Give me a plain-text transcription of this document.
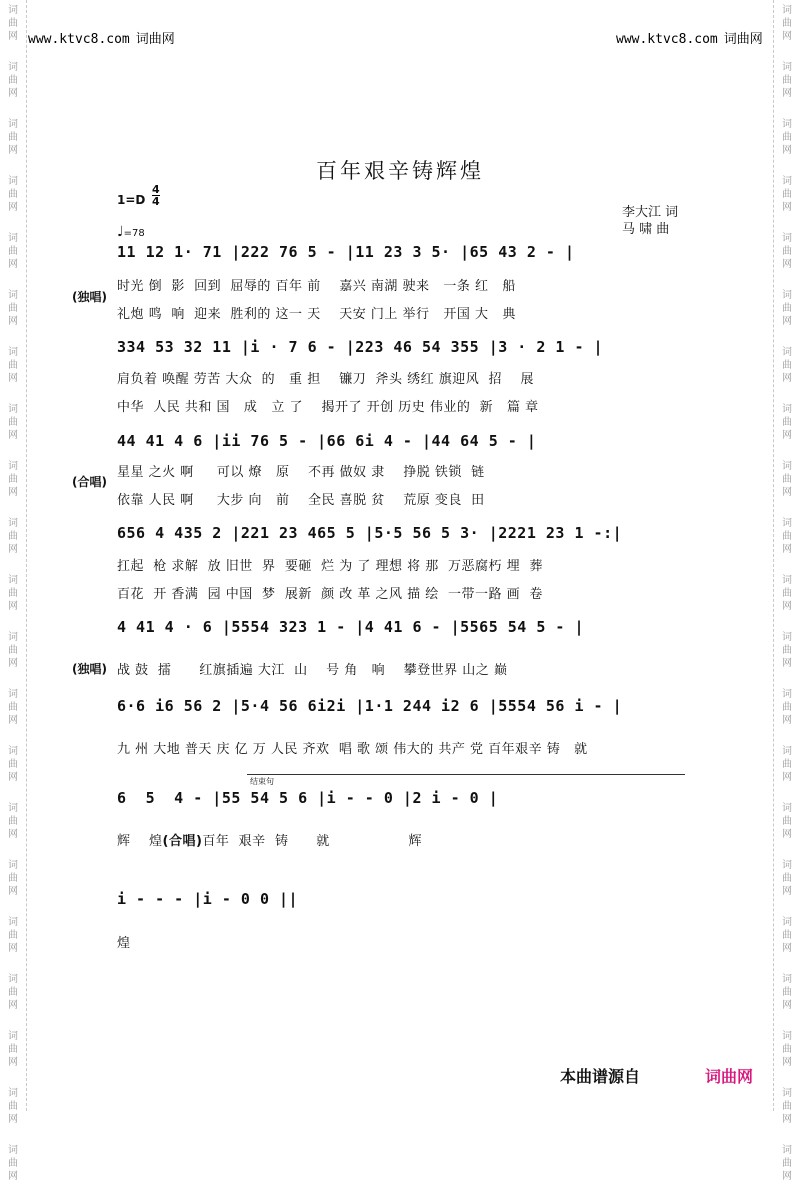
词
曲
网
词
曲
网
词
曲
网
词
曲
网
词
曲
网
词
曲
网
词
曲
网
词
曲
网
词
曲
网
词
曲
网
词
曲
网
词
曲
网
词
曲
网
词
曲
网
词
曲
网
词
曲
网
词
曲
网
词
曲
网
词
曲
网
词
曲
网
词
曲
网
词
曲
网
词
曲
网
词
曲
网
词
曲
网
词
曲
网
词
曲
网
词
曲
网
词
曲
网
词
曲
网
词
曲
网
词
曲
网
词
曲
网
词
曲
网
词
曲
网
词
曲
网
词
曲
网
词
曲
网
词
曲
网
词
曲
网
词
曲
网
词
曲
网
www.ktvc8.com 词曲网	www.ktvc8.com 词曲网
百年艰辛铸辉煌
1=D
4
4
♩=78
李大江 词
马 啸 曲
(独唱)
(合唱)
(独唱)
11 12 1· 71 |222 76 5 - |11 23 3 5· |65 43 2 - |
时光 倒  影  回到  屈辱的 百年 前    嘉兴 南湖 驶来   一条 红   船
礼炮 鸣  响  迎来  胜利的 这一 天    天安 门上 举行   开国 大   典
334 53 32 11 |i · 7 6 - |223 46 54 355 |3 · 2 1 - |
肩负着 唤醒 劳苦 大众  的   重 担    镰刀  斧头 绣红 旗迎风  招    展
中华  人民 共和 国   成   立 了    揭开了 开创 历史 伟业的  新   篇 章
44 41 4 6 |ii 76 5 - |66 6i 4 - |44 64 5 - |
星星 之火 啊     可以 燎   原    不再 做奴 隶    挣脱 铁锁  链
依靠 人民 啊     大步 向   前    全民 喜脱 贫    荒原 变良  田
656 4 435 2 |221 23 465 5 |5·5 56 5 3· |2221 23 1 -:|
扛起  枪 求解  放 旧世  界  要砸  烂 为 了 理想 将 那  万恶腐朽 埋  葬
百花  开 香满  园 中国  梦  展新  颜 改 革 之风 描 绘  一带一路 画  卷
4 41 4 · 6 |5554 323 1 - |4 41 6 - |5565 54 5 - |
战 鼓  擂      红旗插遍 大江  山    号 角   响    攀登世界 山之 巅
6·6 i6 56 2 |5·4 56 6i2i |1·1 244 i2 6 |5554 56 i - |
九 州 大地 普天 庆 亿 万 人民 齐欢  唱 歌 颂 伟大的 共产 党 百年艰辛 铸   就
结束句
6  5  4 - |55 54 5 6 |i - - 0 |2 i - 0 |
辉    煌(合唱)百年  艰辛  铸      就                 辉
i - - - |i - 0 0 ||
煌
本曲谱源自	词曲网
